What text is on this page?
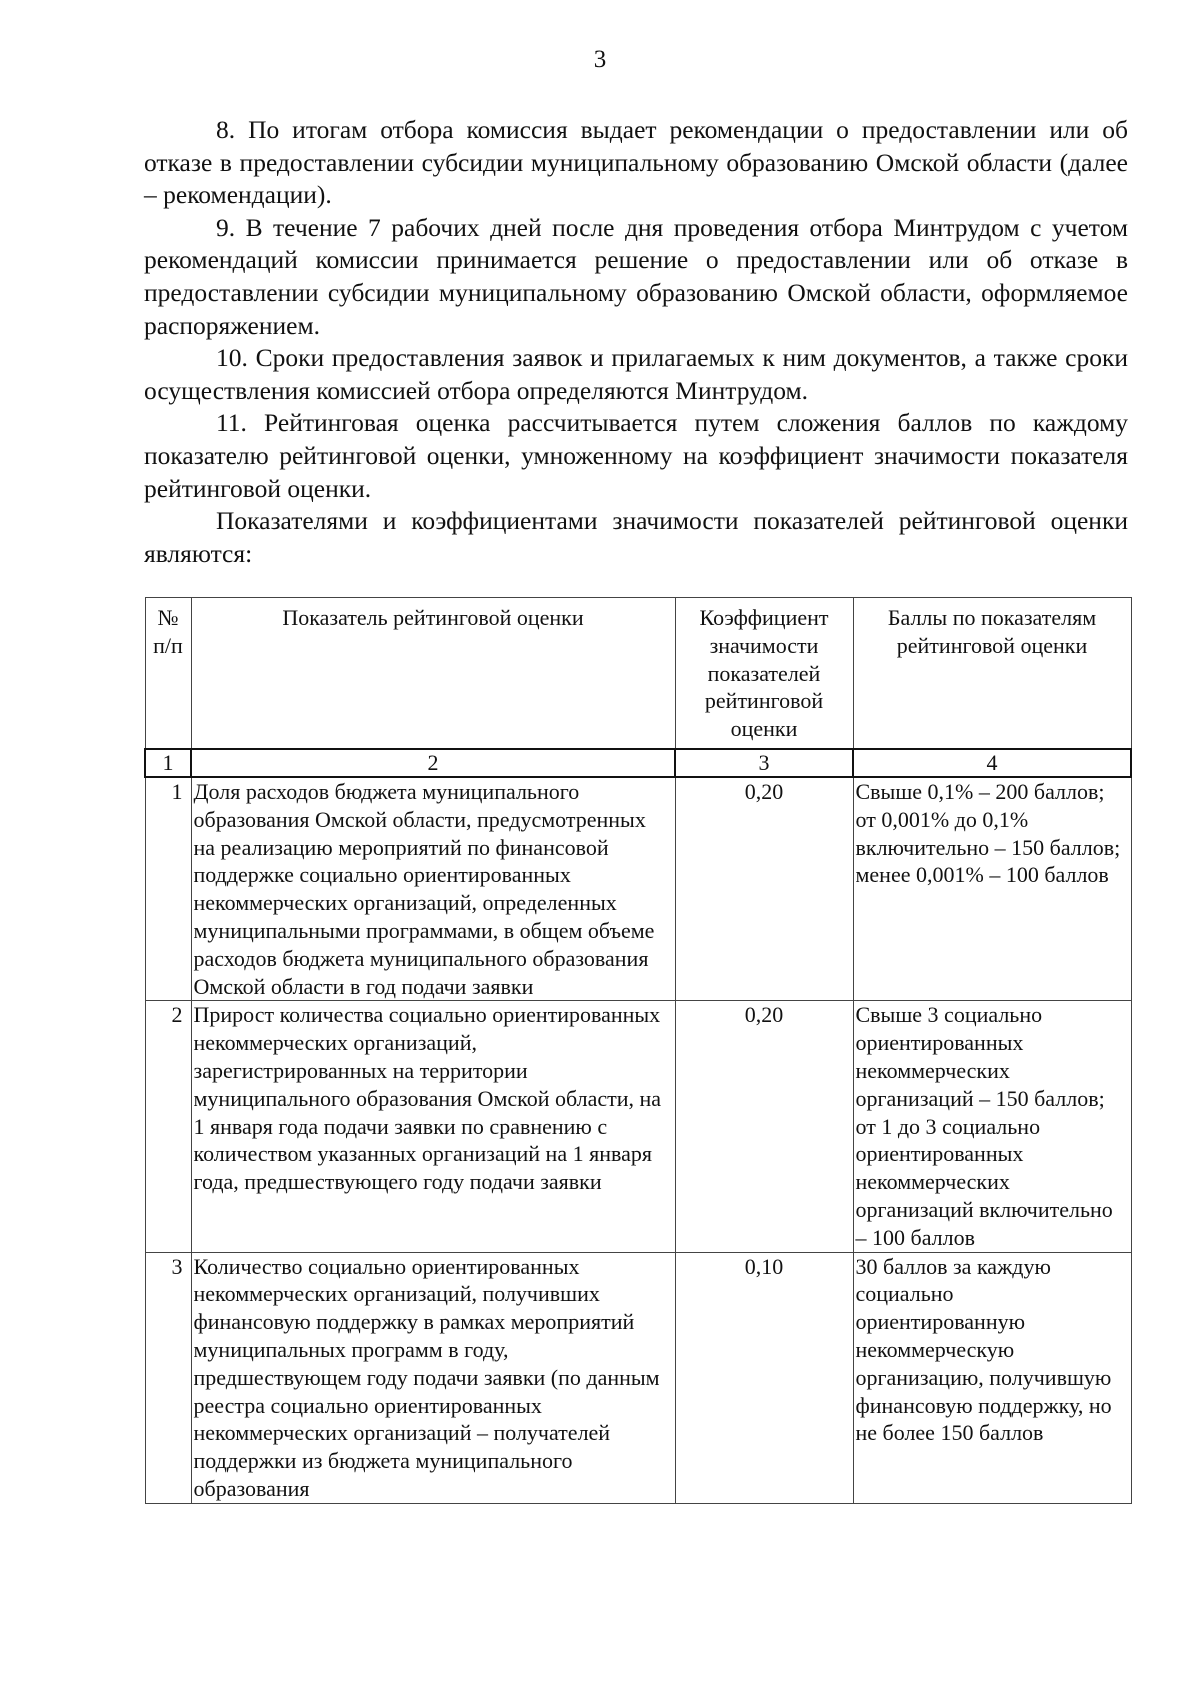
3

8. По итогам отбора комиссия выдает рекомендации о предоставлении или об отказе в предоставлении субсидии муниципальному образованию Омской области (далее – рекомендации).

9. В течение 7 рабочих дней после дня проведения отбора Минтрудом с учетом рекомендаций комиссии принимается решение о предоставлении или об отказе в предоставлении субсидии муниципальному образованию Омской области, оформляемое распоряжением.

10. Сроки предоставления заявок и прилагаемых к ним документов, а также сроки осуществления комиссией отбора определяются Минтрудом.

11. Рейтинговая оценка рассчитывается путем сложения баллов по каждому показателю рейтинговой оценки, умноженному на коэффициент значимости показателя рейтинговой оценки.

Показателями и коэффициентами значимости показателей рейтинговой оценки являются:

№ п/п	Показатель рейтинговой оценки	Коэффициент значимости показателей рейтинговой оценки	Баллы по показателям рейтинговой оценки
1	2	3	4
1	Доля расходов бюджета муниципального образования Омской области, предусмотренных на реализацию мероприятий по финансовой поддержке социально ориентированных некоммерческих организаций, определенных муниципальными программами, в общем объеме расходов бюджета муниципального образования Омской области в год подачи заявки	0,20	Свыше 0,1% – 200 баллов; от 0,001% до 0,1% включительно – 150 баллов; менее 0,001% – 100 баллов
2	Прирост количества социально ориентированных некоммерческих организаций, зарегистрированных на территории муниципального образования Омской области, на 1 января года подачи заявки по сравнению с количеством указанных организаций на 1 января года, предшествующего году подачи заявки	0,20	Свыше 3 социально ориентированных некоммерческих организаций – 150 баллов; от 1 до 3 социально ориентированных некоммерческих организаций включительно – 100 баллов
3	Количество социально ориентированных некоммерческих организаций, получивших финансовую поддержку в рамках мероприятий муниципальных программ в году, предшествующем году подачи заявки (по данным реестра социально ориентированных некоммерческих организаций – получателей поддержки из бюджета муниципального образования	0,10	30 баллов за каждую социально ориентированную некоммерческую организацию, получившую финансовую поддержку, но не более 150 баллов
